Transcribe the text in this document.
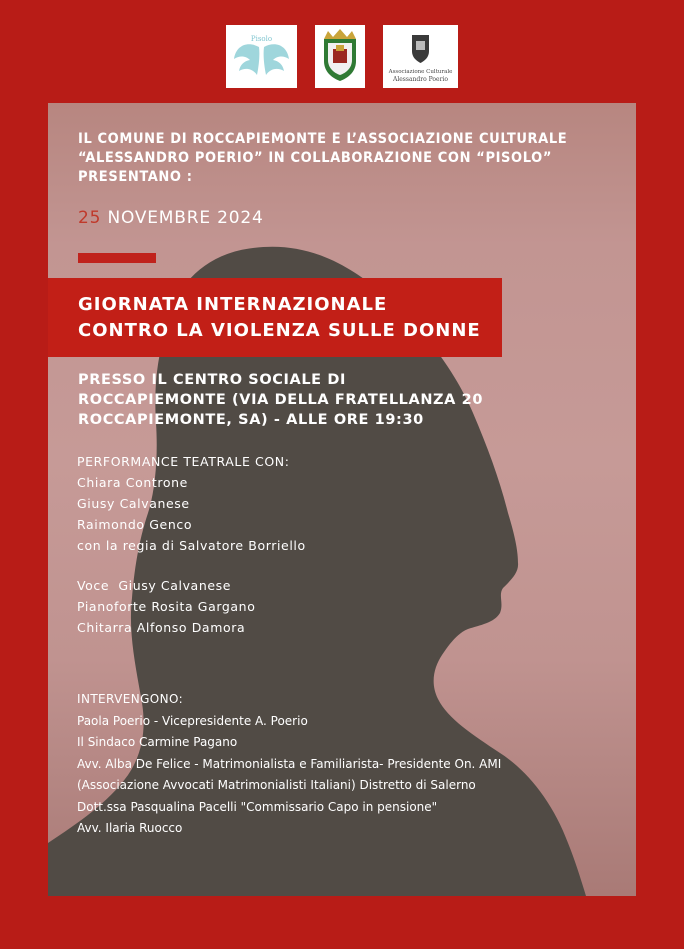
Pisolo
Associazione Culturale
Alessandro Poerio
IL COMUNE DI ROCCAPIEMONTE E L’ASSOCIAZIONE CULTURALE
“ALESSANDRO POERIO” IN COLLABORAZIONE CON “PISOLO”
PRESENTANO :
25 NOVEMBRE 2024
GIORNATA INTERNAZIONALE
CONTRO LA VIOLENZA SULLE DONNE
PRESSO IL CENTRO SOCIALE DI
ROCCAPIEMONTE (VIA DELLA FRATELLANZA 20
ROCCAPIEMONTE, SA) - ALLE ORE 19:30
PERFORMANCE TEATRALE CON:
Chiara Controne
Giusy Calvanese
Raimondo Genco
con la regia di Salvatore Borriello
Voce  Giusy Calvanese
Pianoforte Rosita Gargano
Chitarra Alfonso Damora
INTERVENGONO:
Paola Poerio - Vicepresidente A. Poerio
Il Sindaco Carmine Pagano
Avv. Alba De Felice - Matrimonialista e Familiarista- Presidente On. AMI
(Associazione Avvocati Matrimonialisti Italiani) Distretto di Salerno
Dott.ssa Pasqualina Pacelli "Commissario Capo in pensione"
Avv. Ilaria Ruocco
